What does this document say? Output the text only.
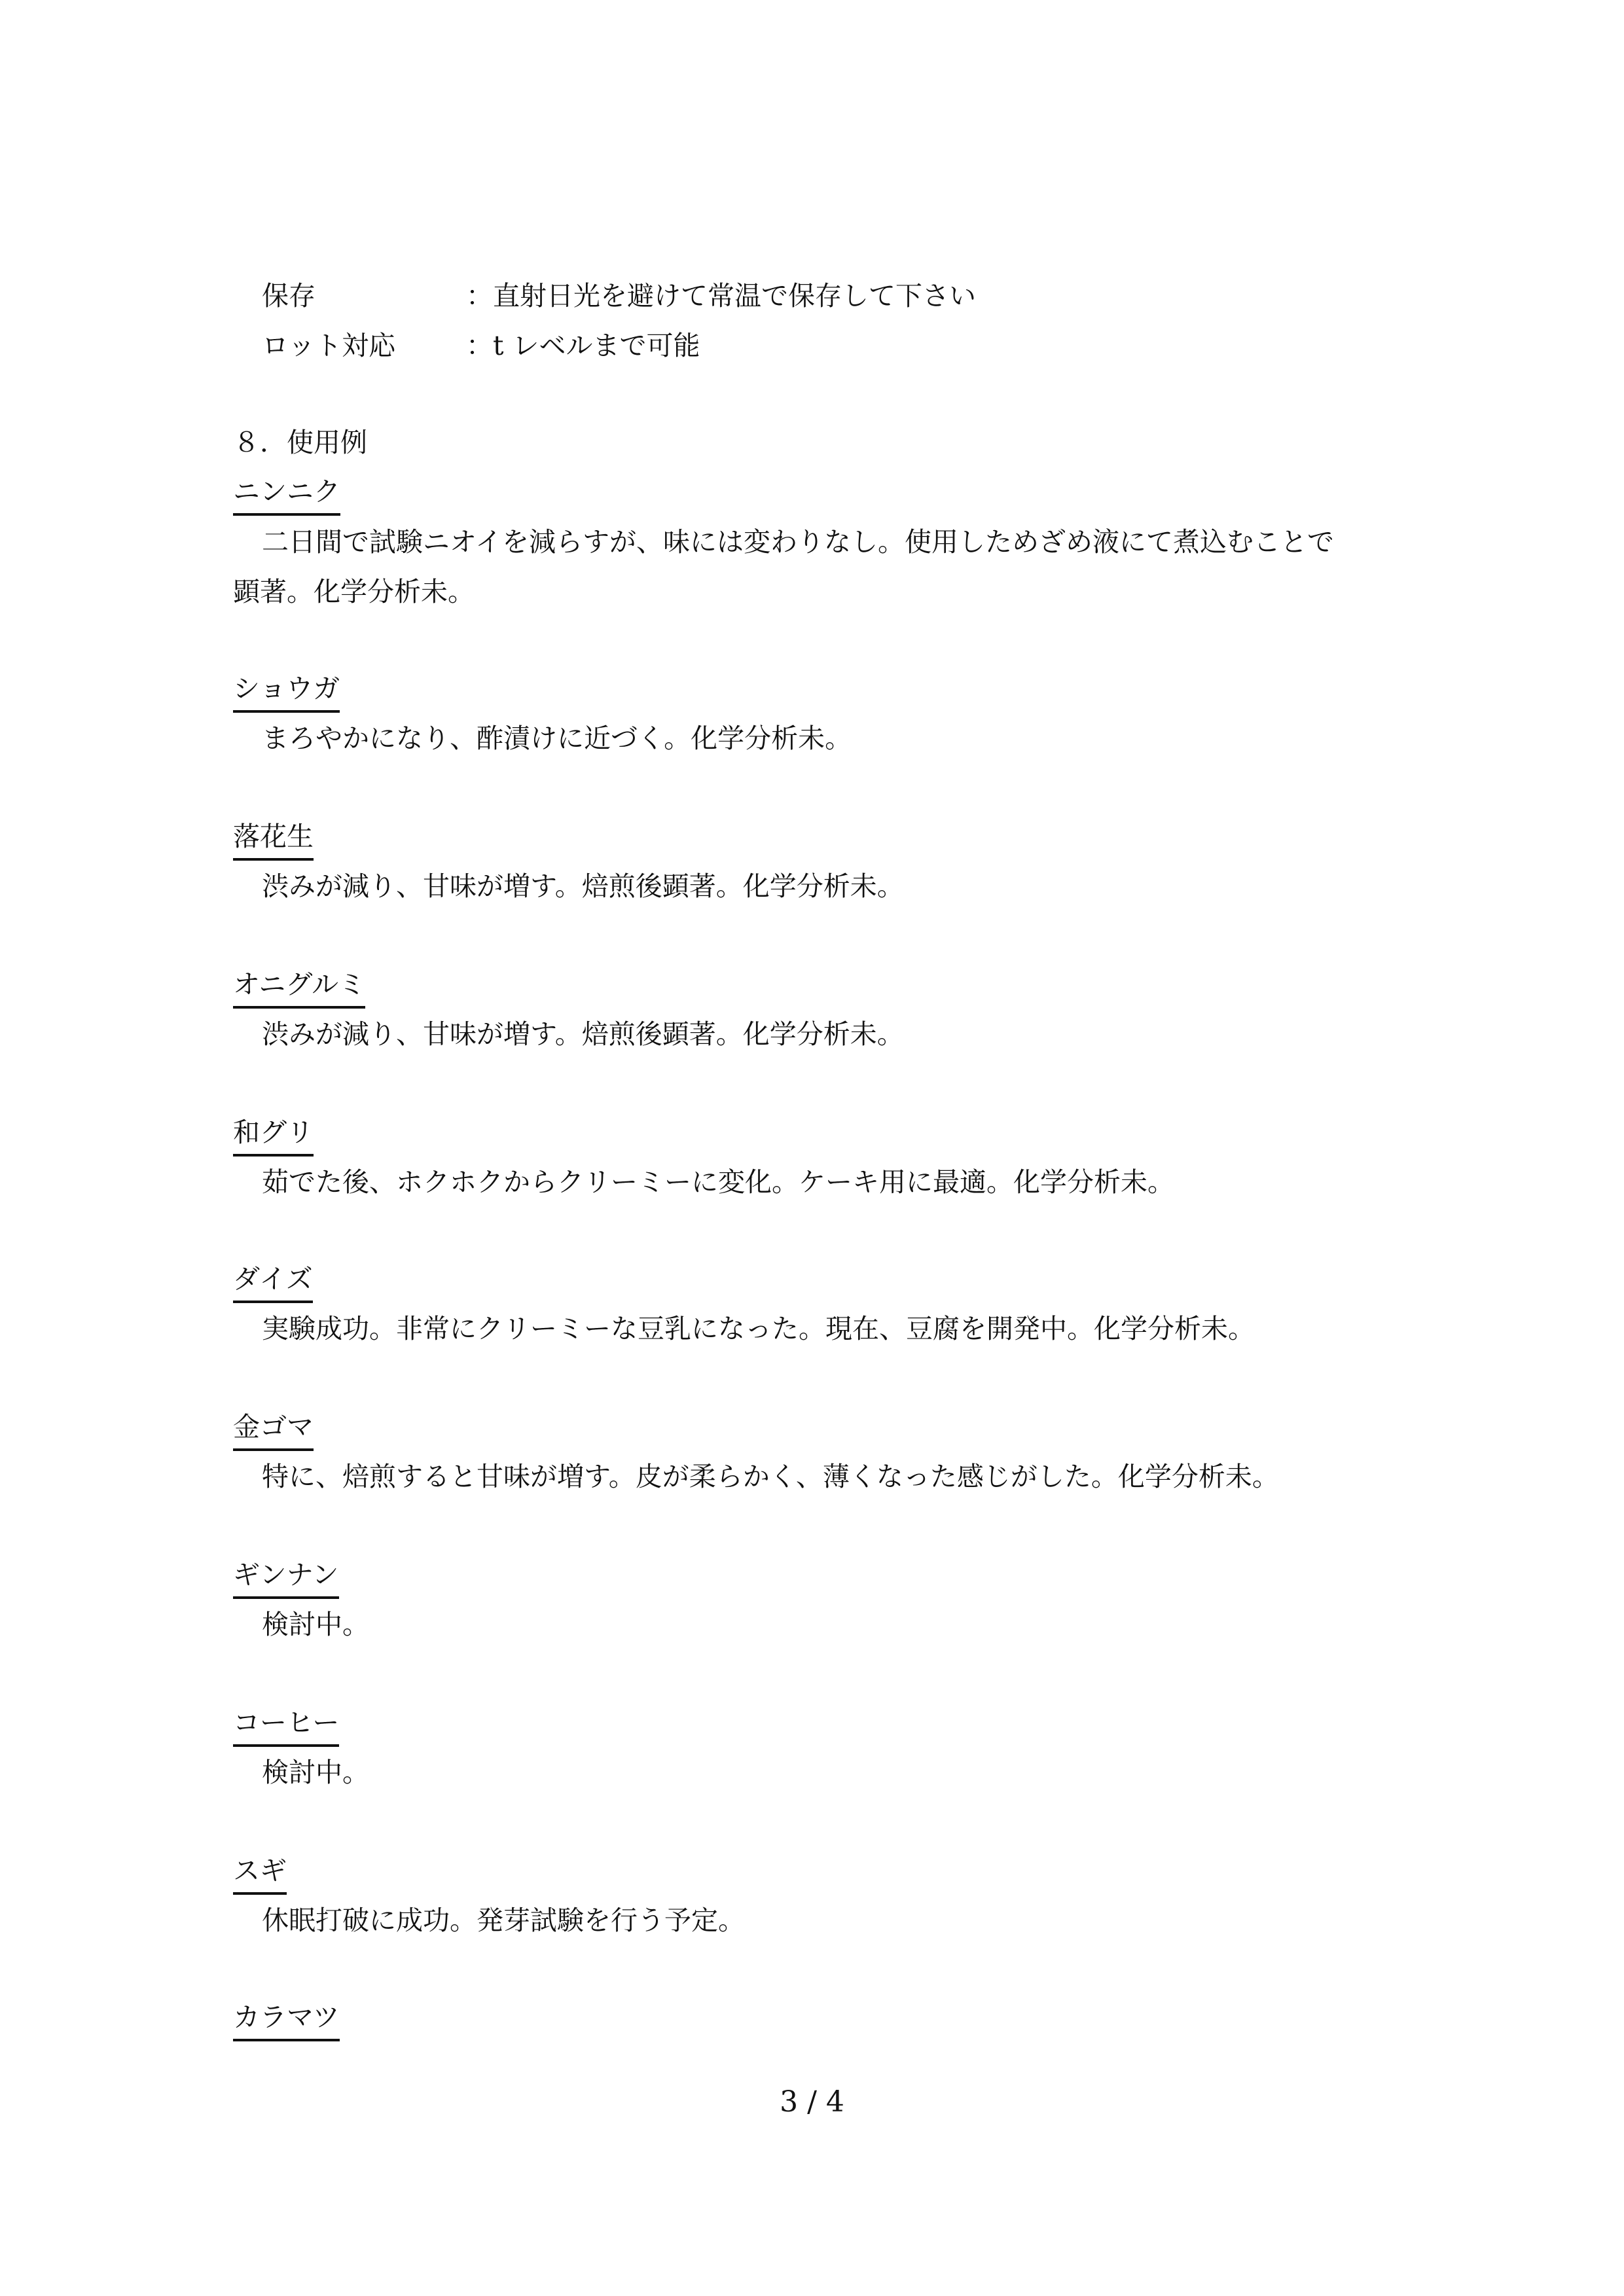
保存	：直射日光を避けて常温で保存して下さい
ロット対応	：t レベルまで可能
８．使用例
ニンニク
二日間で試験ニオイを減らすが、味には変わりなし。使用しためざめ液にて煮込むことで
顕著。化学分析未。
ショウガ
まろやかになり、酢漬けに近づく。化学分析未。
落花生
渋みが減り、甘味が増す。焙煎後顕著。化学分析未。
オニグルミ
渋みが減り、甘味が増す。焙煎後顕著。化学分析未。
和グリ
茹でた後、ホクホクからクリーミーに変化。ケーキ用に最適。化学分析未。
ダイズ
実験成功。非常にクリーミーな豆乳になった。現在、豆腐を開発中。化学分析未。
金ゴマ
特に、焙煎すると甘味が増す。皮が柔らかく、薄くなった感じがした。化学分析未。
ギンナン
検討中。
コーヒー
検討中。
スギ
休眠打破に成功。発芽試験を行う予定。
カラマツ
3 / 4
